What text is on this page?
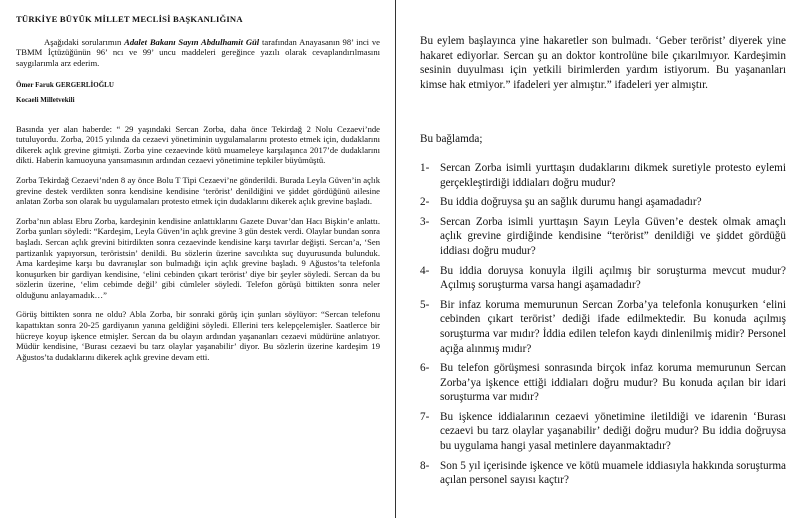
TÜRKİYE BÜYÜK MİLLET MECLİSİ BAŞKANLIĞINA

Aşağıdaki sorularımın Adalet Bakanı Sayın Abdulhamit Gül tarafından Anayasanın 98’ inci ve TBMM İçtüzüğünün 96’ ncı ve 99’ uncu maddeleri gereğince yazılı olarak cevaplandırılmasını saygılarımla arz ederim.

Ömer Faruk GERGERLİOĞLU

Kocaeli Milletvekili

Basında yer alan haberde: “ 29 yaşındaki Sercan Zorba, daha önce Tekirdağ 2 Nolu Cezaevi’nde tutuluyordu. Zorba, 2015 yılında da cezaevi yönetiminin uygulamalarını protesto etmek için, dudaklarını dikerek açlık grevine gitmişti. Zorba yine cezaevinde kötü muameleye karşılaşınca 2017’de dudaklarını dikti. Haberin kamuoyuna yansımasının ardından cezaevi yönetimine tepkiler büyümüştü.

Zorba Tekirdağ Cezaevi’nden 8 ay önce Bolu T Tipi Cezaevi’ne gönderildi. Burada Leyla Güven’in açlık grevine destek verdikten sonra kendisine kendisine ‘terörist’ denildiğini ve şiddet gördüğünü ailesine anlatan Zorba son olarak bu uygulamaları protesto etmek için dudaklarını dikerek açlık grevine başladı.

Zorba’nın ablası Ebru Zorba, kardeşinin kendisine anlattıklarını Gazete Duvar’dan Hacı Bişkin’e anlattı. Zorba şunları söyledi: “Kardeşim, Leyla Güven’in açlık grevine 3 gün destek verdi. Olaylar bundan sonra başladı. Sercan açlık grevini bitirdikten sonra cezaevinde kendisine karşı tavırlar değişti. Sercan’a, ‘Sen partizanlık yapıyorsun, teröristsin’ denildi. Bu sözlerin üzerine savcılıkta suç duyurusunda bulunduk. Ama kardeşime karşı bu davranışlar son bulmadığı için açlık grevine başladı. 9 Ağustos’ta telefonla konuşurken bir gardiyan kendisine, ‘elini cebinden çıkart terörist’ diye bir şeyler söyledi. Sercan da bu sözlerin üzerine, ‘elim cebimde değil’ gibi cümleler söyledi. Telefon görüşü bittikten sonra neler olduğunu anlayamadık…”

Görüş bittikten sonra ne oldu? Abla Zorba, bir sonraki görüş için şunları söylüyor: “Sercan telefonu kapattıktan sonra 20-25 gardiyanın yanına geldiğini söyledi. Ellerini ters kelepçelemişler. Saatlerce bir hücreye koyup işkence etmişler. Sercan da bu olayın ardından yaşananları cezaevi müdürüne anlatıyor. Müdür kendisine, ‘Burası cezaevi bu tarz olaylar yaşanabilir’ diyor. Bu sözlerin üzerine kardeşim 19 Ağustos’ta dudaklarını dikerek açlık grevine devam etti.

Bu eylem başlayınca yine hakaretler son bulmadı. ‘Geber terörist’ diyerek yine hakaret ediyorlar. Sercan şu an doktor kontrolüne bile çıkarılmıyor. Kardeşimin sesinin duyulması için yetkili birimlerden yardım istiyorum. Bu yaşananları kimse hak etmiyor.” ifadeleri yer almıştır.” ifadeleri yer almıştır.

Bu bağlamda;

1- Sercan Zorba isimli yurttaşın dudaklarını dikmek suretiyle protesto eylemi gerçekleştirdiği iddiaları doğru mudur?
2- Bu iddia doğruysa şu an sağlık durumu hangi aşamadadır?
3- Sercan Zorba isimli yurttaşın Sayın Leyla Güven’e destek olmak amaçlı açlık grevine girdiğinde kendisine “terörist” denildiği ve şiddet gördüğü iddiası doğru mudur?
4- Bu iddia doruysa konuyla ilgili açılmış bir soruşturma mevcut mudur? Açılmış soruşturma varsa hangi aşamadadır?
5- Bir infaz koruma memurunun Sercan Zorba’ya telefonla konuşurken ‘elini cebinden çıkart terörist’ dediği ifade edilmektedir. Bu konuda açılmış soruşturma var mıdır? İddia edilen telefon kaydı dinlenilmiş midir? Personel açığa alınmış mıdır?
6- Bu telefon görüşmesi sonrasında birçok infaz koruma memurunun Sercan Zorba’ya işkence ettiği iddiaları doğru mudur? Bu konuda açılan bir idari soruşturma var mıdır?
7- Bu işkence iddialarının cezaevi yönetimine iletildiği ve idarenin ‘Burası cezaevi bu tarz olaylar yaşanabilir’ dediği doğru mudur? Bu iddia doğruysa bu uygulama hangi yasal metinlere dayanmaktadır?
8- Son 5 yıl içerisinde işkence ve kötü muamele iddiasıyla hakkında soruşturma açılan personel sayısı kaçtır?
